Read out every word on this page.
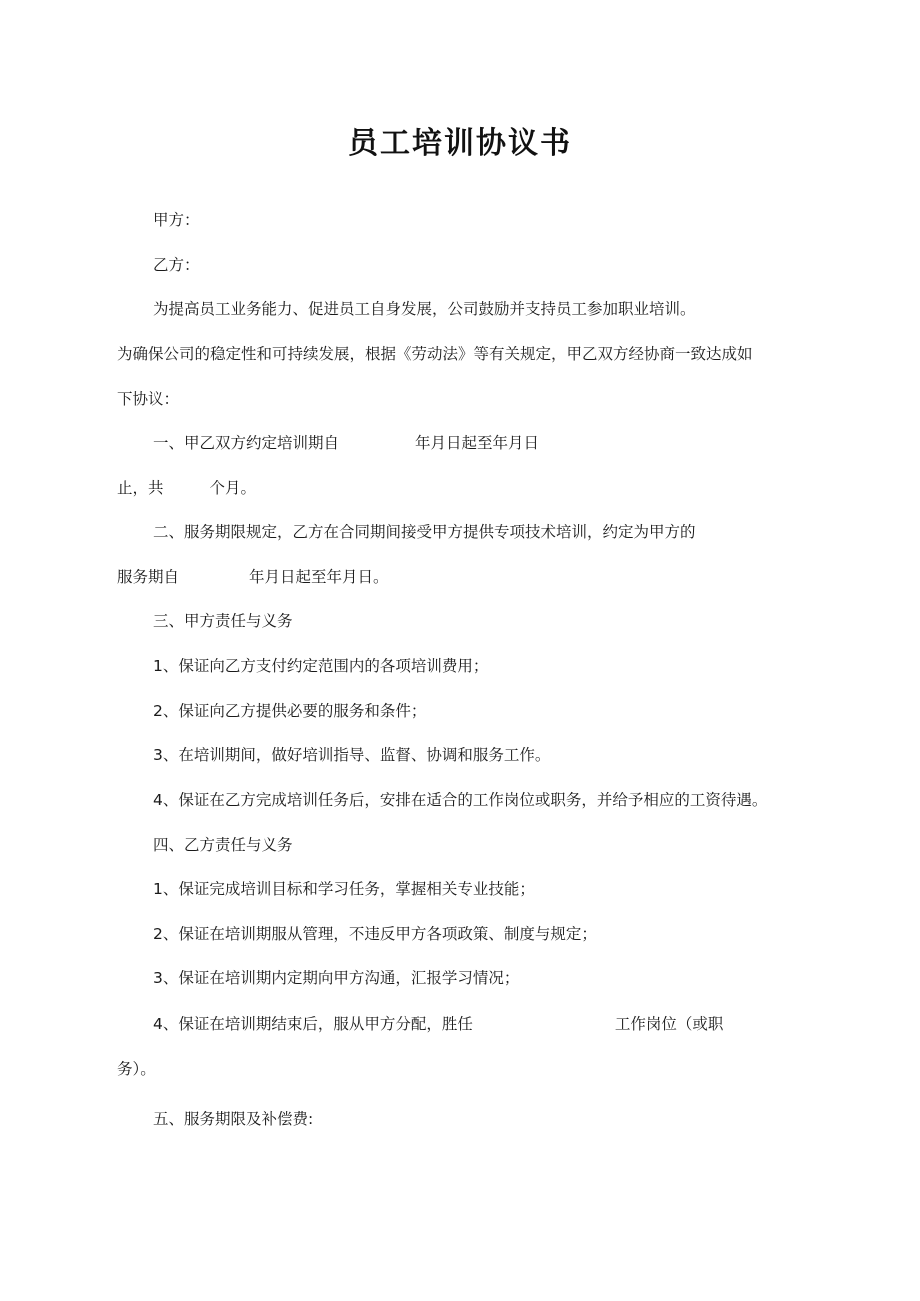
员工培训协议书
甲方：
乙方：
为提高员工业务能力、促进员工自身发展，公司鼓励并支持员工参加职业培训。
为确保公司的稳定性和可持续发展，根据《劳动法》等有关规定，甲乙双方经协商一致达成如
下协议：
一、甲乙双方约定培训期自	年月日起至年月日
止，共	个月。
二、服务期限规定，乙方在合同期间接受甲方提供专项技术培训，约定为甲方的
服务期自	年月日起至年月日。
三、甲方责任与义务
1、保证向乙方支付约定范围内的各项培训费用；
2、保证向乙方提供必要的服务和条件；
3、在培训期间，做好培训指导、监督、协调和服务工作。
4、保证在乙方完成培训任务后，安排在适合的工作岗位或职务，并给予相应的工资待遇。
四、乙方责任与义务
1、保证完成培训目标和学习任务，掌握相关专业技能；
2、保证在培训期服从管理，不违反甲方各项政策、制度与规定；
3、保证在培训期内定期向甲方沟通，汇报学习情况；
4、保证在培训期结束后，服从甲方分配，胜任	工作岗位（或职
务）。
五、服务期限及补偿费:
